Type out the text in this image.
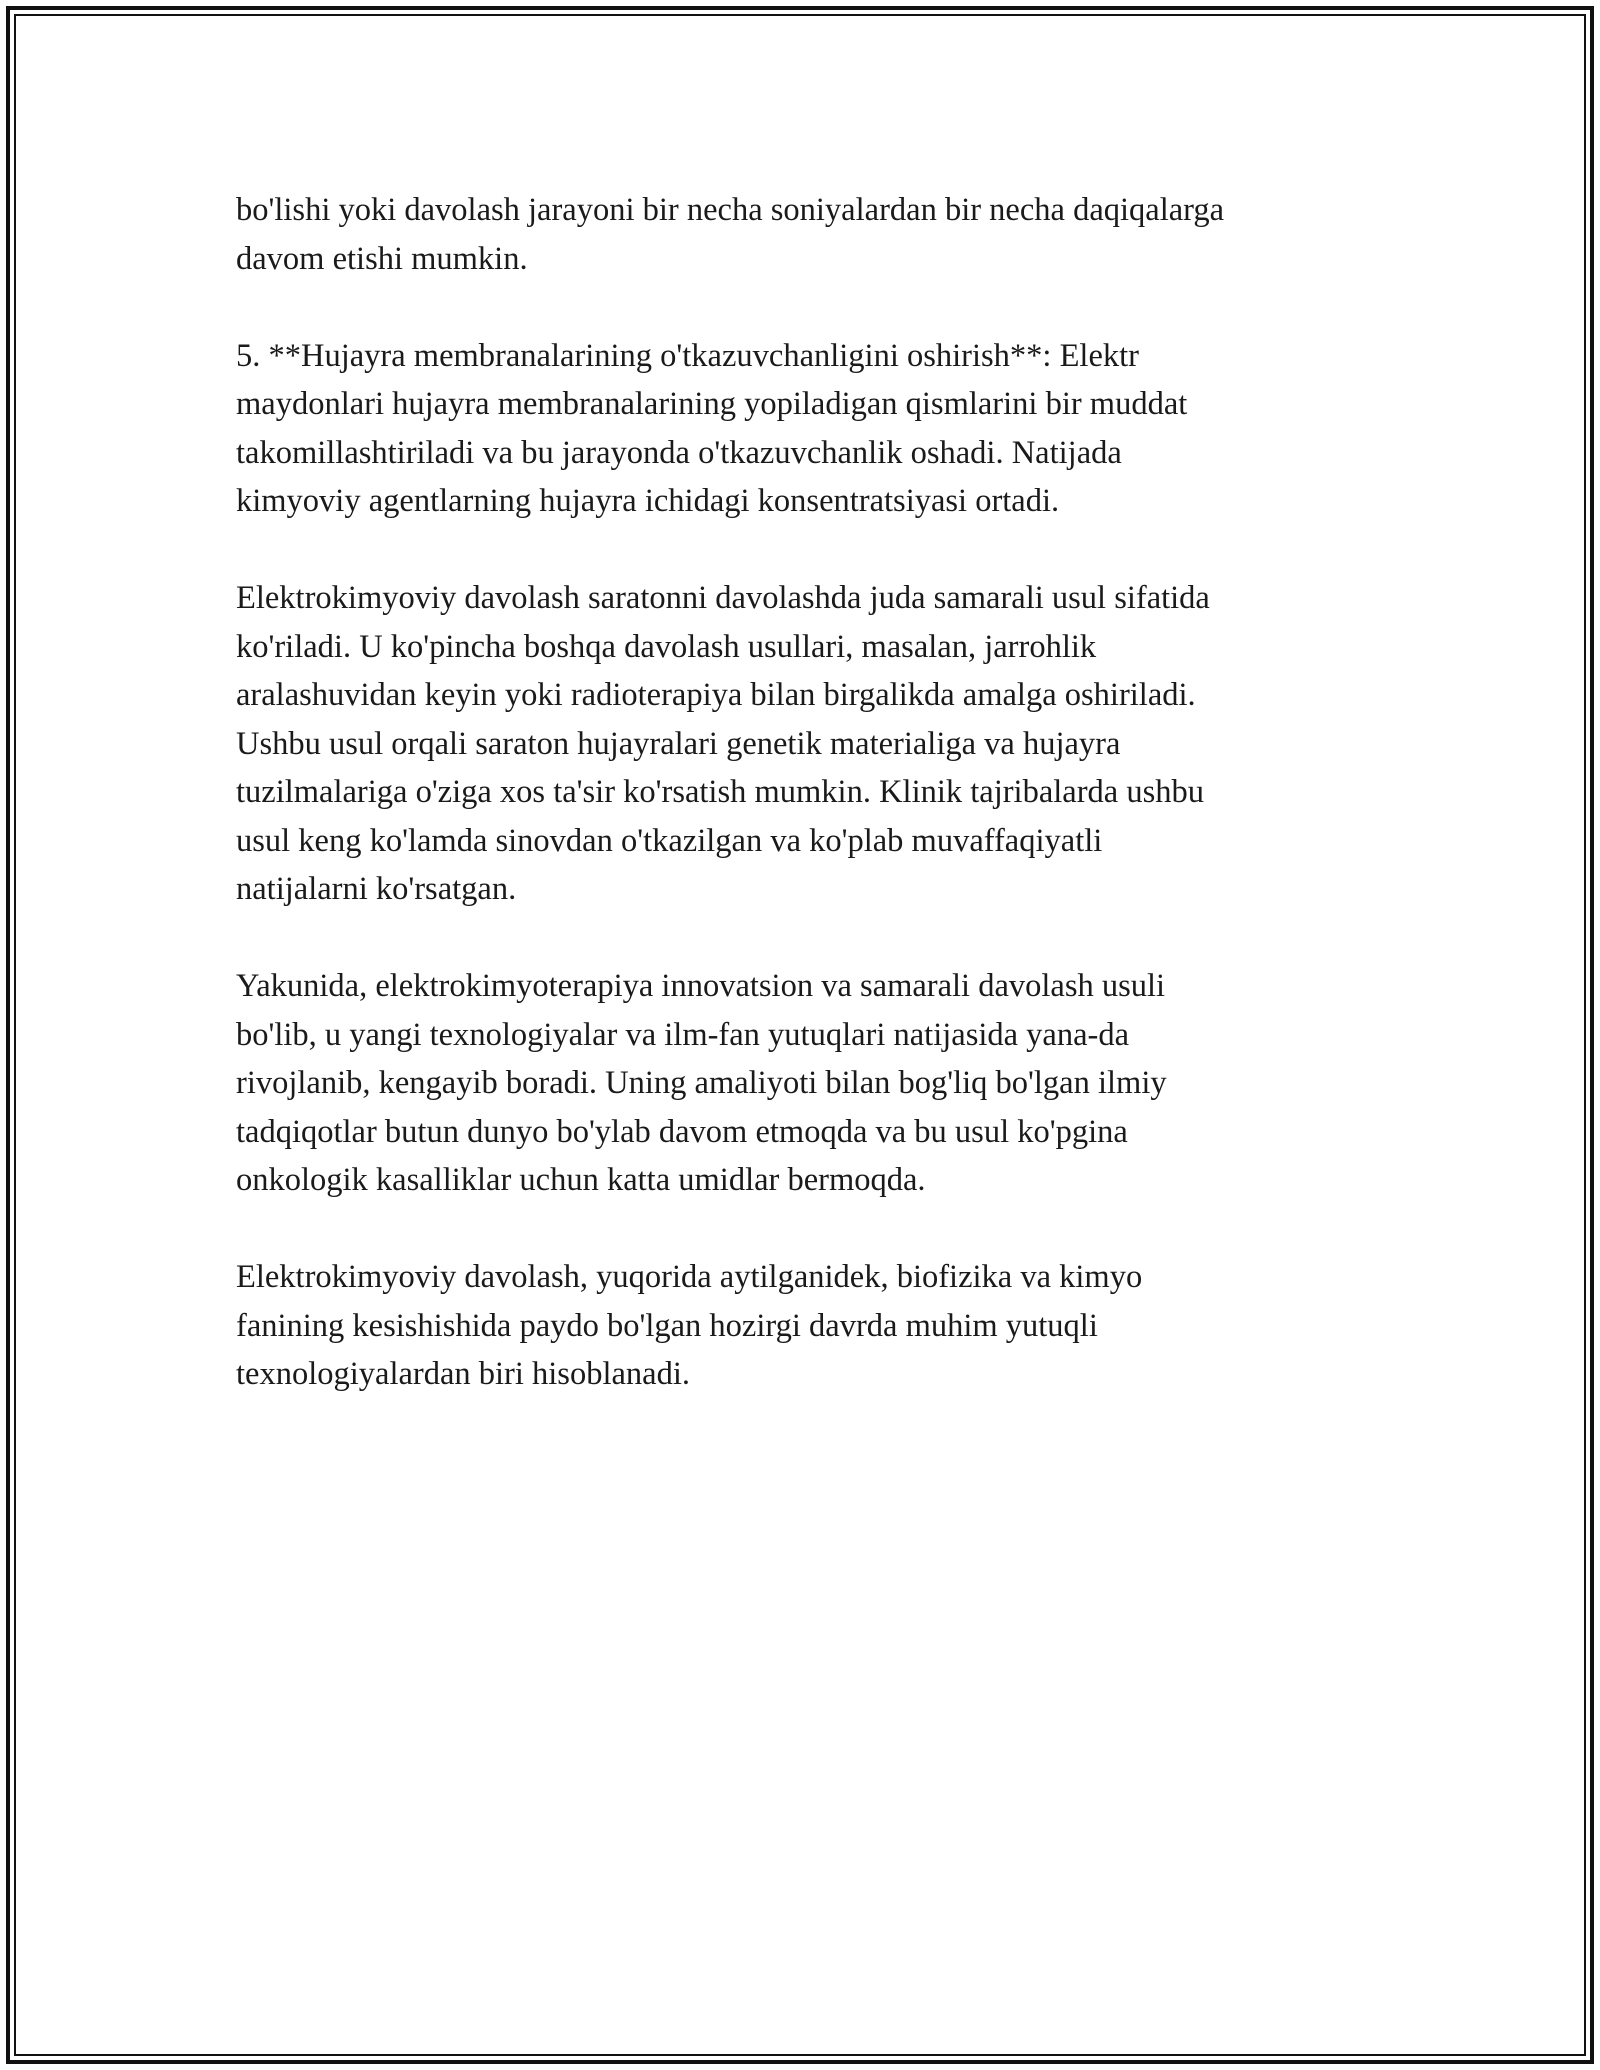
bo'lishi yoki davolash jarayoni bir necha soniyalardan bir necha daqiqalarga
davom etishi mumkin.

5. **Hujayra membranalarining o'tkazuvchanligini oshirish**: Elektr
maydonlari hujayra membranalarining yopiladigan qismlarini bir muddat
takomillashtiriladi va bu jarayonda o'tkazuvchanlik oshadi. Natijada
kimyoviy agentlarning hujayra ichidagi konsentratsiyasi ortadi.

Elektrokimyoviy davolash saratonni davolashda juda samarali usul sifatida
ko'riladi. U ko'pincha boshqa davolash usullari, masalan, jarrohlik
aralashuvidan keyin yoki radioterapiya bilan birgalikda amalga oshiriladi.
Ushbu usul orqali saraton hujayralari genetik materialiga va hujayra
tuzilmalariga o'ziga xos ta'sir ko'rsatish mumkin. Klinik tajribalarda ushbu
usul keng ko'lamda sinovdan o'tkazilgan va ko'plab muvaffaqiyatli
natijalarni ko'rsatgan.

Yakunida, elektrokimyoterapiya innovatsion va samarali davolash usuli
bo'lib, u yangi texnologiyalar va ilm-fan yutuqlari natijasida yana-da
rivojlanib, kengayib boradi. Uning amaliyoti bilan bog'liq bo'lgan ilmiy
tadqiqotlar butun dunyo bo'ylab davom etmoqda va bu usul ko'pgina
onkologik kasalliklar uchun katta umidlar bermoqda.

Elektrokimyoviy davolash, yuqorida aytilganidek, biofizika va kimyo
fanining kesishishida paydo bo'lgan hozirgi davrda muhim yutuqli
texnologiyalardan biri hisoblanadi.
